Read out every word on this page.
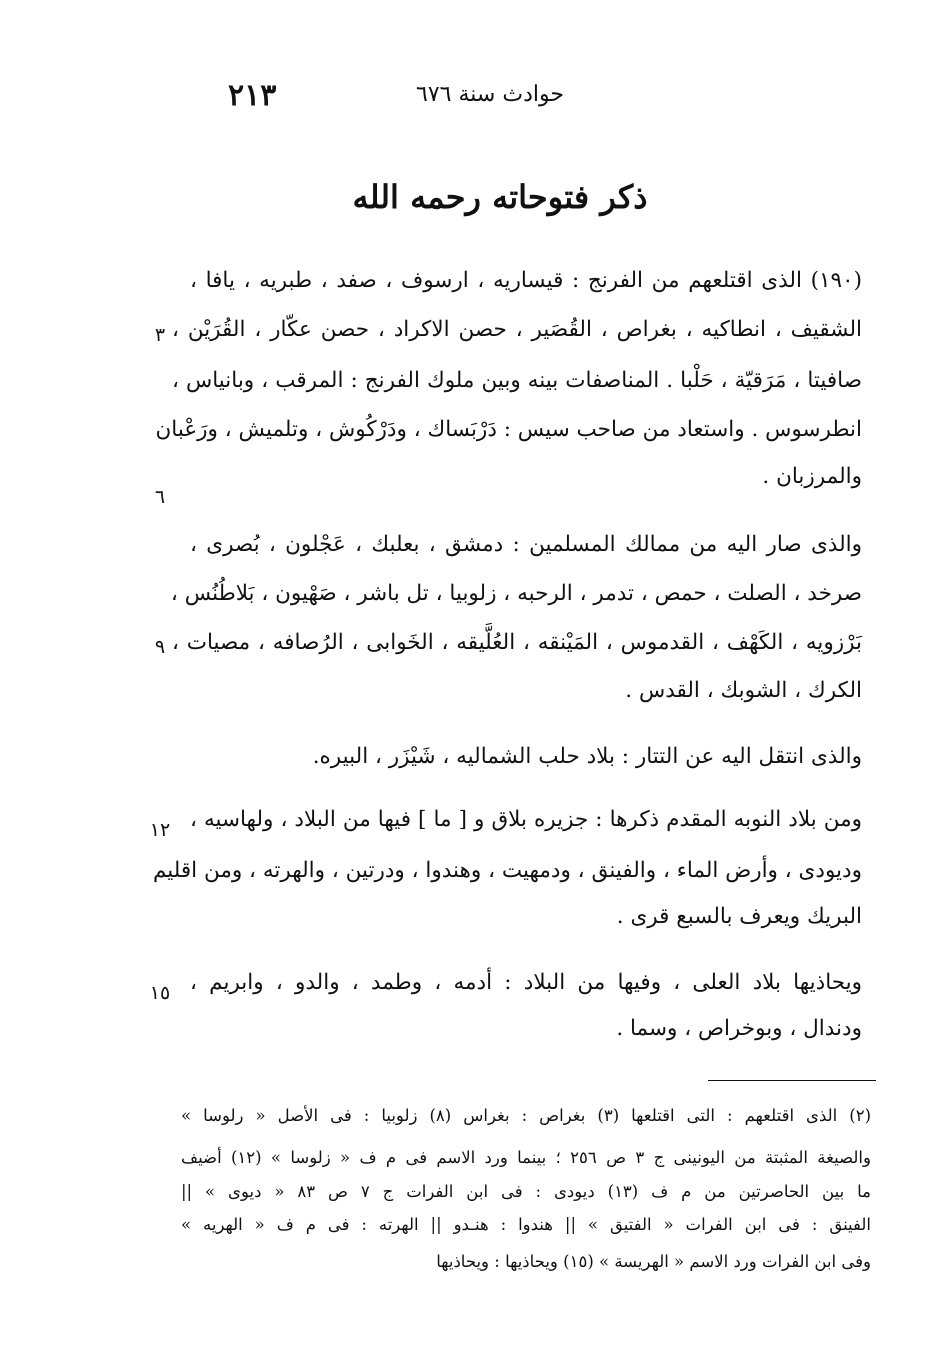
٢١٣	حوادث سنة ٦٧٦
ذكر فتوحاته رحمه الله
(١٩٠) الذى اقتلعهم من الفرنج : قيساريه ، ارسوف ، صفد ، طبريه ، يافا ،
الشقيف ، انطاكيه ، بغراص ، القُصَير ، حصن الاكراد ، حصن عكّار ، القُرَيْن ،
صافيتا ، مَرَقيّة ، حَلْبا . المناصفات بينه وبين ملوك الفرنج : المرقب ، وبانياس ،
انطرسوس . واستعاد من صاحب سيس : دَرْبَساك ، ودَرْكُوش ، وتلميش ، ورَعْبان
والمرزبان .
والذى صار اليه من ممالك المسلمين : دمشق ، بعلبك ، عَجْلون ، بُصرى ،
صرخد ، الصلت ، حمص ، تدمر ، الرحبه ، زلوبيا ، تل باشر ، صَهْيون ، بَلاطُنُس ،
بَرْزويه ، الكَهْف ، القدموس ، المَيْنقه ، العُلَّيقه ، الخَوابى ، الرُصافه ، مصيات ،
الكرك ، الشوبك ، القدس .
والذى انتقل اليه عن التتار : بلاد حلب الشماليه ، شَيْزَر ، البيره.
ومن بلاد النوبه المقدم ذكرها : جزيره بلاق و [ ما ] فيها من البلاد ، ولهاسيه ،
وديودى ، وأرض الماء ، والفينق ، ودمهيت ، وهندوا ، ودرتين ، والهرته ، ومن اقليم
البريك ويعرف بالسبع قرى .
ويحاذيها بلاد العلى ، وفيها من البلاد : أدمه ، وطمد ، والدو ، وابريم ،
ودندال ، وبوخراص ، وسما .
٣
٦
٩
١٢
١٥
(٢) الذى اقتلعهم : التى اقتلعها (٣) بغراص : بغراس (٨) زلوبيا : فى الأصل « رلوسا »
والصيغة المثبتة من اليونينى ج ٣ ص ٢٥٦ ؛ بينما ورد الاسم فى م ف « زلوسا » (١٢) أضيف
ما بين الحاصرتين من م ف (١٣) ديودى : فى ابن الفرات ج ٧ ص ٨٣ « ديوى » ||
الفينق : فى ابن الفرات « الفتيق » || هندوا : هنـدو || الهرته : فى م ف « الهريه »
وفى ابن الفرات ورد الاسم « الهريسة » (١٥) ويحاذيها : ويحاذيها
